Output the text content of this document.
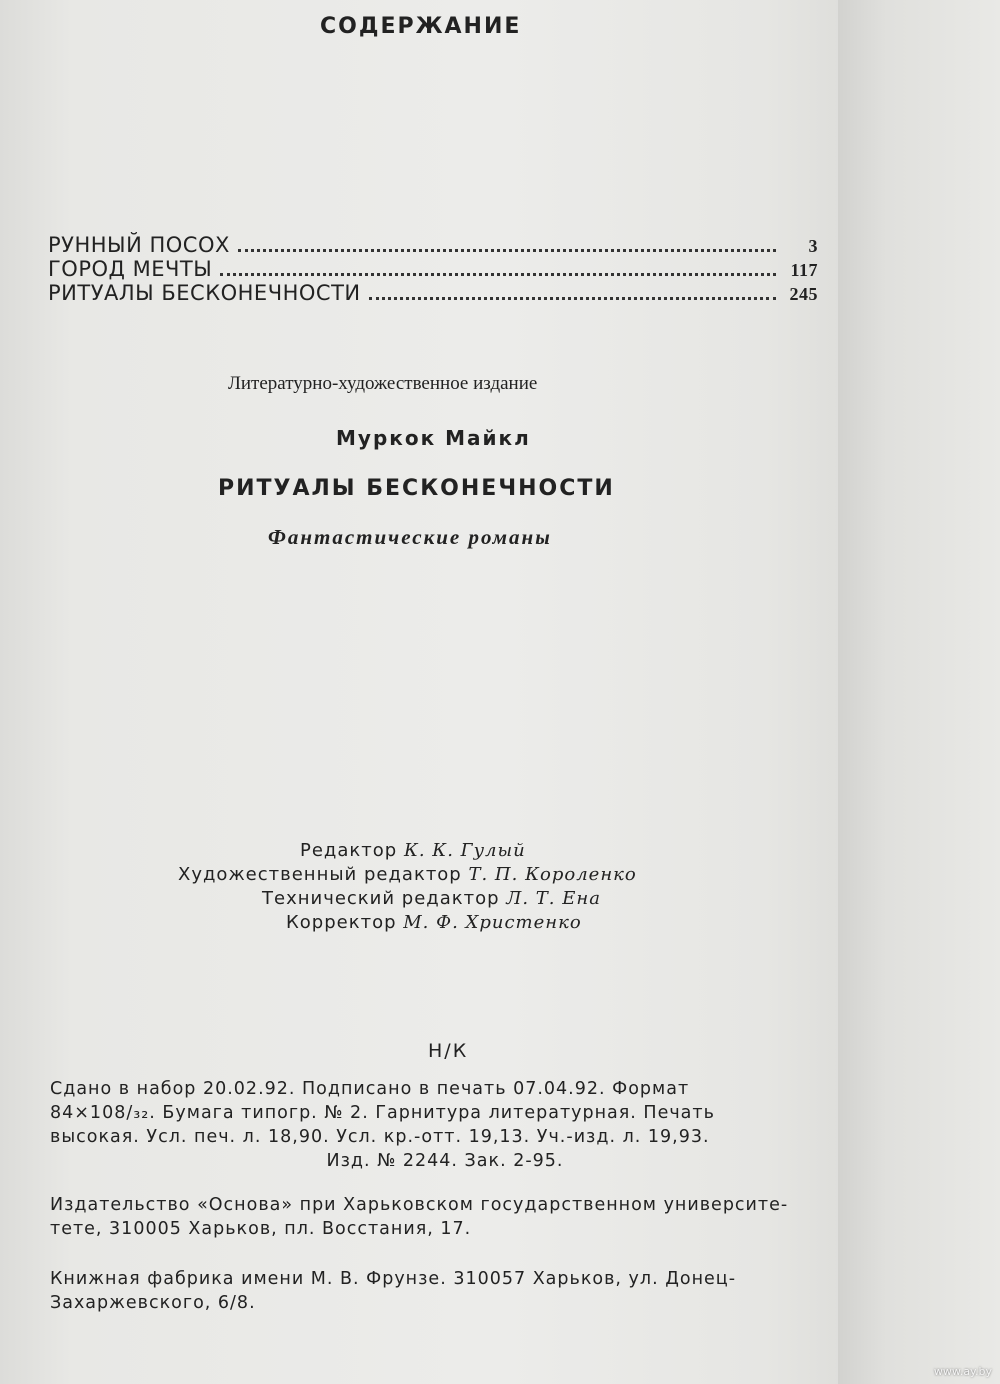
СОДЕРЖАНИЕ
РУННЫЙ ПОСОХ	3
ГОРОД МЕЧТЫ	117
РИТУАЛЫ БЕСКОНЕЧНОСТИ	245
Литературно-художественное издание
Муркок Майкл
РИТУАЛЫ БЕСКОНЕЧНОСТИ
Фантастические романы
Редактор К. К. Гулый
Художественный редактор Т. П. Короленко
Технический редактор Л. Т. Ена
Корректор М. Ф. Христенко
Н/К

Сдано в набор 20.02.92. Подписано в печать 07.04.92. Формат

84×108/₃₂. Бумага типогр. № 2. Гарнитура литературная. Печать

высокая. Усл. печ. л. 18,90. Усл. кр.-отт. 19,13. Уч.-изд. л. 19,93.

Изд. № 2244. Зак. 2-95.

Издательство «Основа» при Харьковском государственном университе-

тете, 310005 Харьков, пл. Восстания, 17.

Книжная фабрика имени М. В. Фрунзе. 310057 Харьков, ул. Донец-

Захаржевского, 6/8.

www.ay.by
